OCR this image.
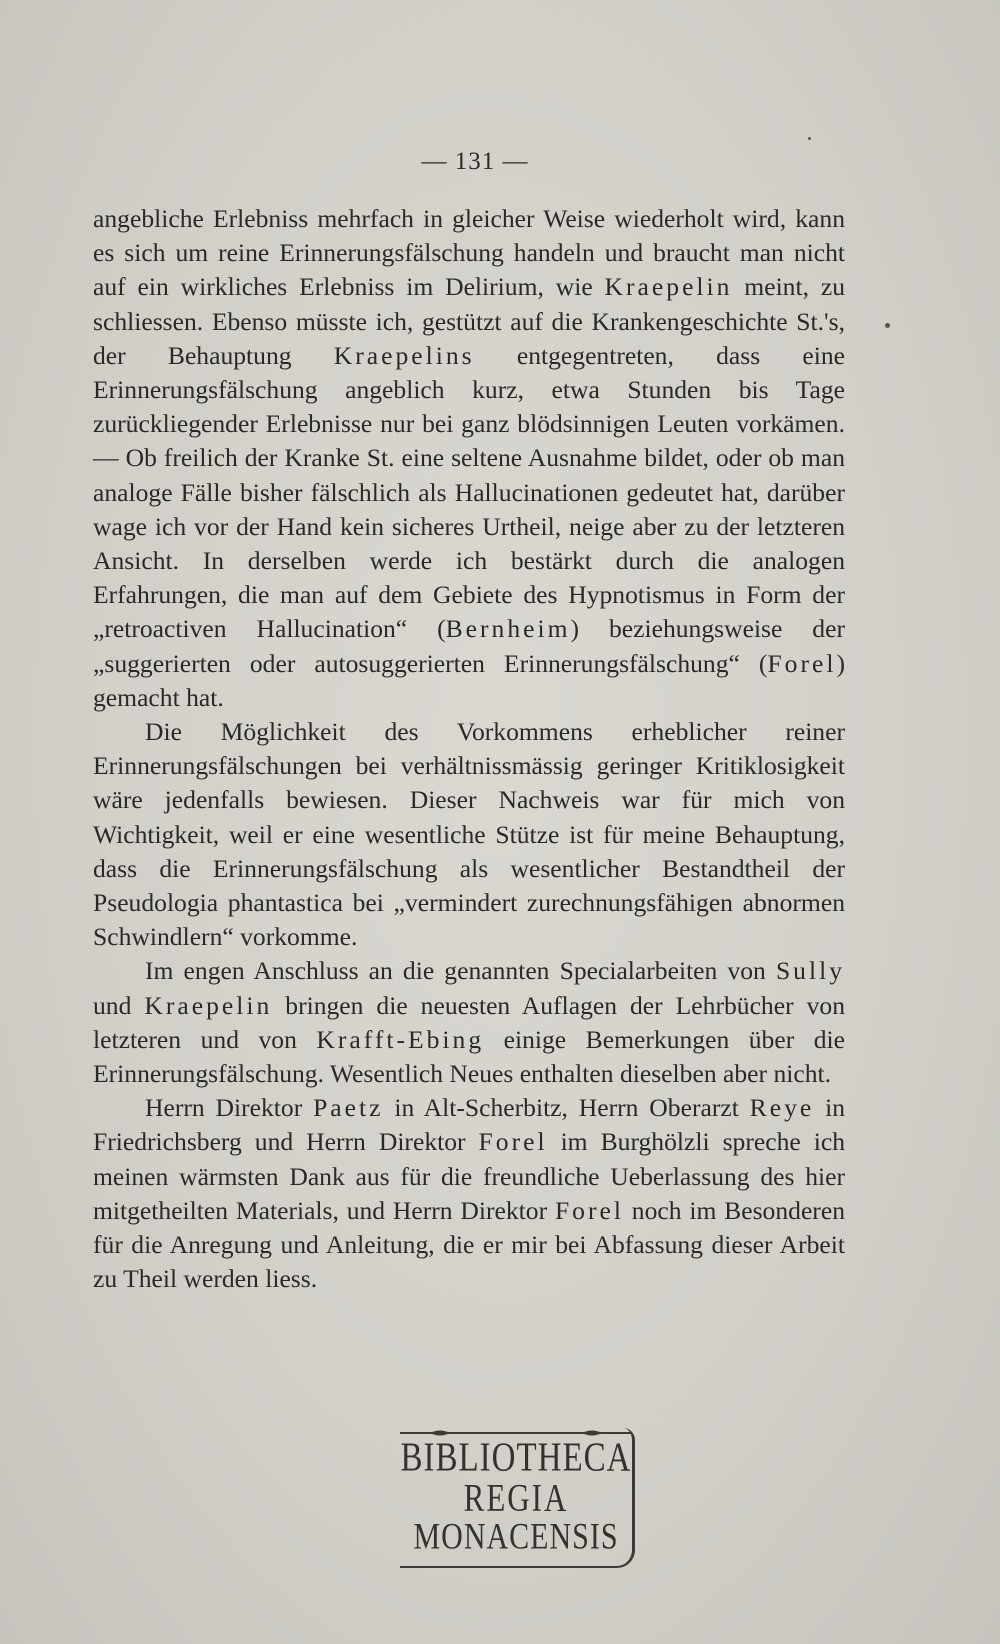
— 131 —

angebliche Erlebniss mehrfach in gleicher Weise wiederholt wird, kann es sich um reine Erinnerungsfälschung handeln und braucht man nicht auf ein wirkliches Erlebniss im Delirium, wie Kraepelin meint, zu schliessen. Ebenso müsste ich, gestützt auf die Krankengeschichte St.'s, der Behauptung Kraepelins entgegentreten, dass eine Erinnerungsfälschung angeblich kurz, etwa Stunden bis Tage zurückliegender Erlebnisse nur bei ganz blödsinnigen Leuten vorkämen. — Ob freilich der Kranke St. eine seltene Ausnahme bildet, oder ob man analoge Fälle bisher fälschlich als Hallucinationen gedeutet hat, darüber wage ich vor der Hand kein sicheres Urtheil, neige aber zu der letzteren Ansicht. In derselben werde ich bestärkt durch die analogen Erfahrungen, die man auf dem Gebiete des Hypnotismus in Form der „retroactiven Hallucination“ (Bernheim) beziehungsweise der „suggerierten oder autosuggerierten Erinnerungsfälschung“ (Forel) gemacht hat.

Die Möglichkeit des Vorkommens erheblicher reiner Erinnerungsfälschungen bei verhältnissmässig geringer Kritiklosigkeit wäre jedenfalls bewiesen. Dieser Nachweis war für mich von Wichtigkeit, weil er eine wesentliche Stütze ist für meine Behauptung, dass die Erinnerungsfälschung als wesentlicher Bestandtheil der Pseudologia phantastica bei „vermindert zurechnungsfähigen abnormen Schwindlern“ vorkomme.

Im engen Anschluss an die genannten Specialarbeiten von Sully und Kraepelin bringen die neuesten Auflagen der Lehrbücher von letzteren und von Krafft-Ebing einige Bemerkungen über die Erinnerungsfälschung. Wesentlich Neues enthalten dieselben aber nicht.

Herrn Direktor Paetz in Alt-Scherbitz, Herrn Oberarzt Reye in Friedrichsberg und Herrn Direktor Forel im Burghölzli spreche ich meinen wärmsten Dank aus für die freundliche Ueberlassung des hier mitgetheilten Materials, und Herrn Direktor Forel noch im Besonderen für die Anregung und Anleitung, die er mir bei Abfassung dieser Arbeit zu Theil werden liess.

BIBLIOTHECA
REGIA
MONACENSIS
